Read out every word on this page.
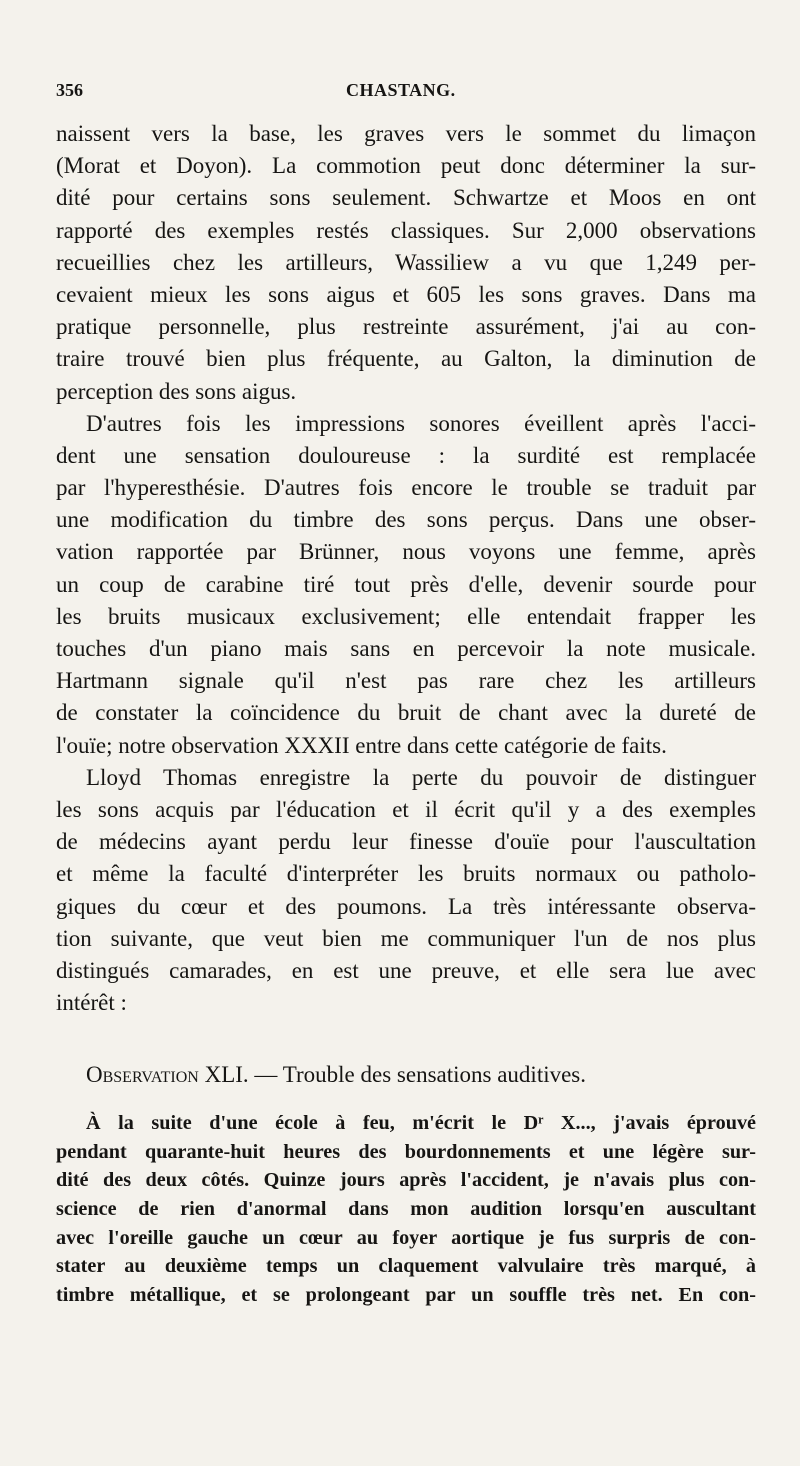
356	CHASTANG.
naissent vers la base, les graves vers le sommet du limaçon
(Morat et Doyon). La commotion peut donc déterminer la sur-
dité pour certains sons seulement. Schwartze et Moos en ont
rapporté des exemples restés classiques. Sur 2,000 observations
recueillies chez les artilleurs, Wassiliew a vu que 1,249 per-
cevaient mieux les sons aigus et 605 les sons graves. Dans ma
pratique personnelle, plus restreinte assurément, j'ai au con-
traire trouvé bien plus fréquente, au Galton, la diminution de
perception des sons aigus.
D'autres fois les impressions sonores éveillent après l'acci-
dent une sensation douloureuse : la surdité est remplacée
par l'hyperesthésie. D'autres fois encore le trouble se traduit par
une modification du timbre des sons perçus. Dans une obser-
vation rapportée par Brünner, nous voyons une femme, après
un coup de carabine tiré tout près d'elle, devenir sourde pour
les bruits musicaux exclusivement; elle entendait frapper les
touches d'un piano mais sans en percevoir la note musicale.
Hartmann signale qu'il n'est pas rare chez les artilleurs
de constater la coïncidence du bruit de chant avec la dureté de
l'ouïe; notre observation XXXII entre dans cette catégorie de faits.
Lloyd Thomas enregistre la perte du pouvoir de distinguer
les sons acquis par l'éducation et il écrit qu'il y a des exemples
de médecins ayant perdu leur finesse d'ouïe pour l'auscultation
et même la faculté d'interpréter les bruits normaux ou patholo-
giques du cœur et des poumons. La très intéressante observa-
tion suivante, que veut bien me communiquer l'un de nos plus
distingués camarades, en est une preuve, et elle sera lue avec
intérêt :
Observation XLI. — Trouble des sensations auditives.
À la suite d'une école à feu, m'écrit le Dʳ X..., j'avais éprouvé
pendant quarante-huit heures des bourdonnements et une légère sur-
dité des deux côtés. Quinze jours après l'accident, je n'avais plus con-
science de rien d'anormal dans mon audition lorsqu'en auscultant
avec l'oreille gauche un cœur au foyer aortique je fus surpris de con-
stater au deuxième temps un claquement valvulaire très marqué, à
timbre métallique, et se prolongeant par un souffle très net. En con-
